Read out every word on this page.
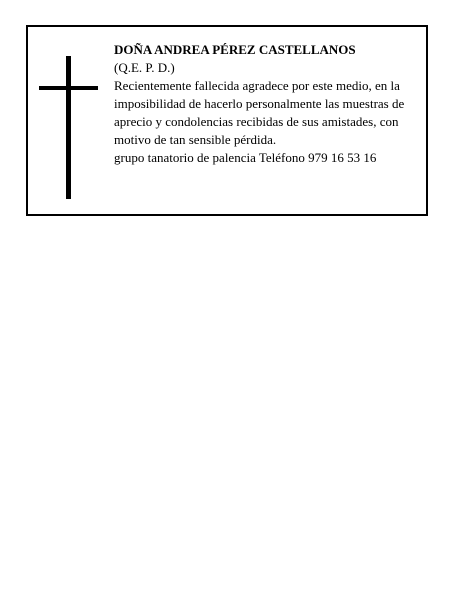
DOÑA ANDREA PÉREZ CASTELLANOS

(Q.E. P. D.)

Recientemente fallecida agradece por este medio, en la imposibilidad de hacerlo personalmente las muestras de aprecio y condolencias recibidas de sus amistades, con motivo de tan sensible pérdida.

grupo tanatorio de palencia Teléfono 979 16 53 16
